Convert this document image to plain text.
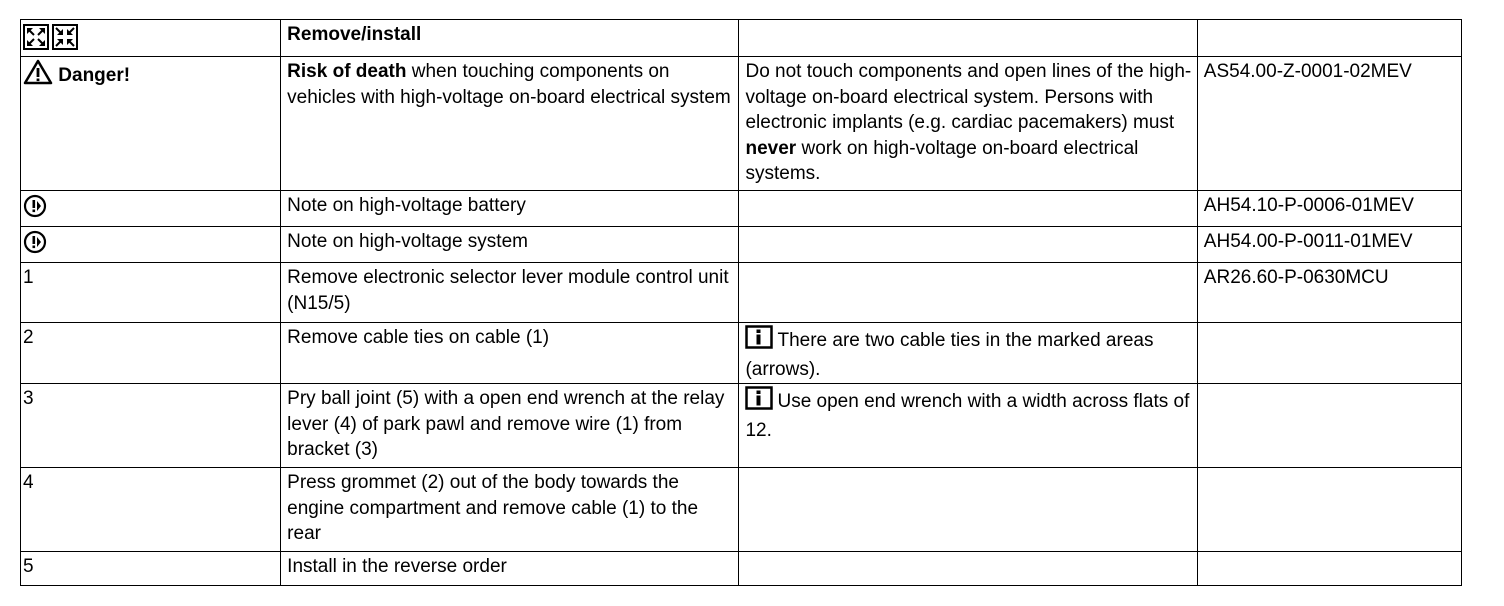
	Remove/install		
Danger!	Risk of death when touching components on vehicles with high-voltage on-board electrical system	Do not touch components and open lines of the high-voltage on-board electrical system. Persons with electronic implants (e.g. cardiac pacemakers) must never work on high-voltage on-board electrical systems.	AS54.00-Z-0001-02MEV
	Note on high-voltage battery		AH54.10-P-0006-01MEV
	Note on high-voltage system		AH54.00-P-0011-01MEV
1	Remove electronic selector lever module control unit (N15/5)		AR26.60-P-0630MCU
2	Remove cable ties on cable (1)	There are two cable ties in the marked areas (arrows).	
3	Pry ball joint (5) with a open end wrench at the relay lever (4) of park pawl and remove wire (1) from bracket (3)	Use open end wrench with a width across flats of 12.	
4	Press grommet (2) out of the body towards the engine compartment and remove cable (1) to the rear		
5	Install in the reverse order		
